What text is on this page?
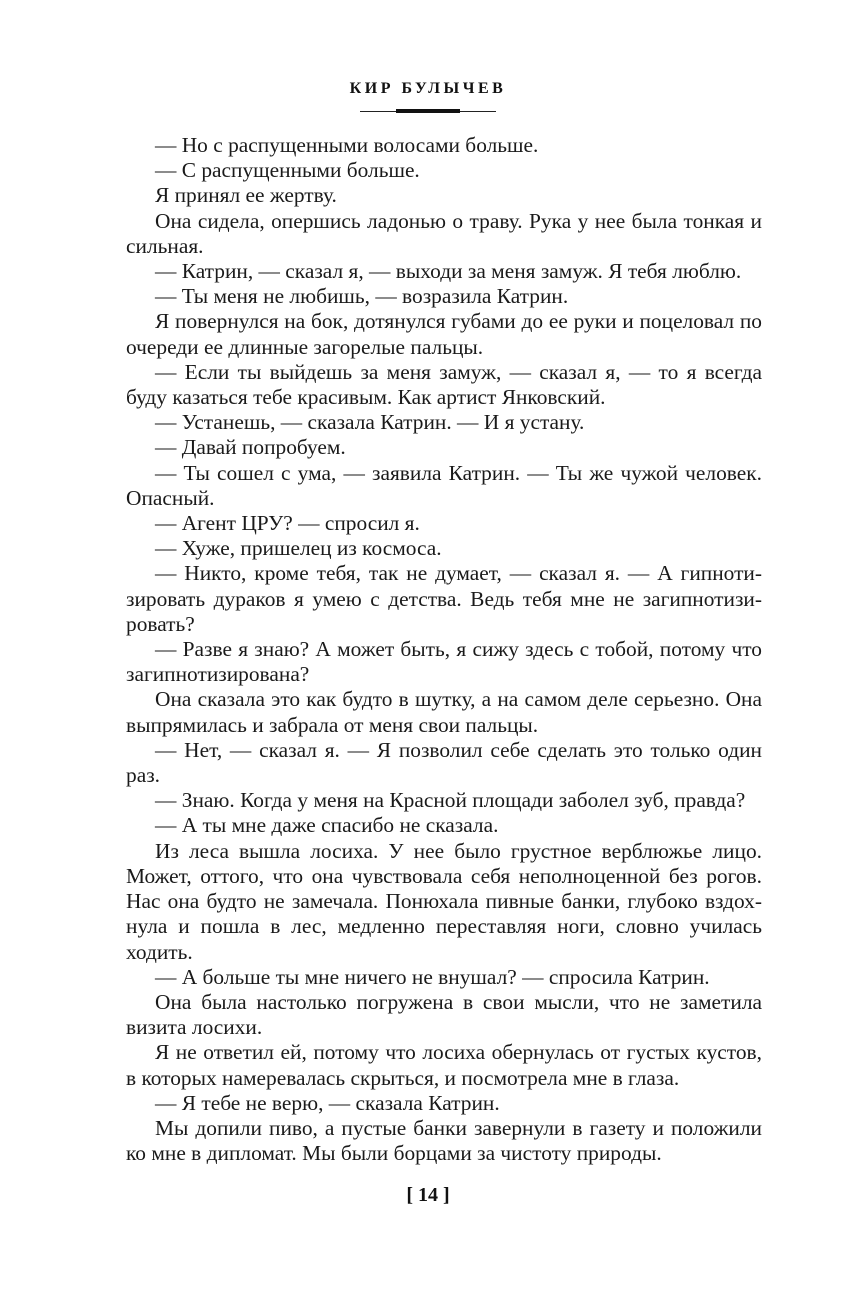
КИР БУЛЫЧЕВ

— Но с распущенными волосами больше.

— С распущенными больше.

Я принял ее жертву.

Она сидела, опершись ладонью о траву. Рука у нее была тонкая и сильная.

— Катрин, — сказал я, — выходи за меня замуж. Я тебя люблю.

— Ты меня не любишь, — возразила Катрин.

Я повернулся на бок, дотянулся губами до ее руки и поцеловал по очереди ее длинные загорелые пальцы.

— Если ты выйдешь за меня замуж, — сказал я, — то я всегда буду казаться тебе красивым. Как артист Янковский.

— Устанешь, — сказала Катрин. — И я устану.

— Давай попробуем.

— Ты сошел с ума, — заявила Катрин. — Ты же чужой человек. Опасный.

— Агент ЦРУ? — спросил я.

— Хуже, пришелец из космоса.

— Никто, кроме тебя, так не думает, — сказал я. — А гипнотизировать дураков я умею с детства. Ведь тебя мне не загипнотизировать?

— Разве я знаю? А может быть, я сижу здесь с тобой, потому что загипнотизирована?

Она сказала это как будто в шутку, а на самом деле серьезно. Она выпрямилась и забрала от меня свои пальцы.

— Нет, — сказал я. — Я позволил себе сделать это только один раз.

— Знаю. Когда у меня на Красной площади заболел зуб, правда?

— А ты мне даже спасибо не сказала.

Из леса вышла лосиха. У нее было грустное верблюжье лицо. Может, оттого, что она чувствовала себя неполноценной без рогов. Нас она будто не замечала. Понюхала пивные банки, глубоко вздохнула и пошла в лес, медленно переставляя ноги, словно училась ходить.

— А больше ты мне ничего не внушал? — спросила Катрин.

Она была настолько погружена в свои мысли, что не заметила визита лосихи.

Я не ответил ей, потому что лосиха обернулась от густых кустов, в которых намеревалась скрыться, и посмотрела мне в глаза.

— Я тебе не верю, — сказала Катрин.

Мы допили пиво, а пустые банки завернули в газету и положили ко мне в дипломат. Мы были борцами за чистоту природы.

[ 14 ]
